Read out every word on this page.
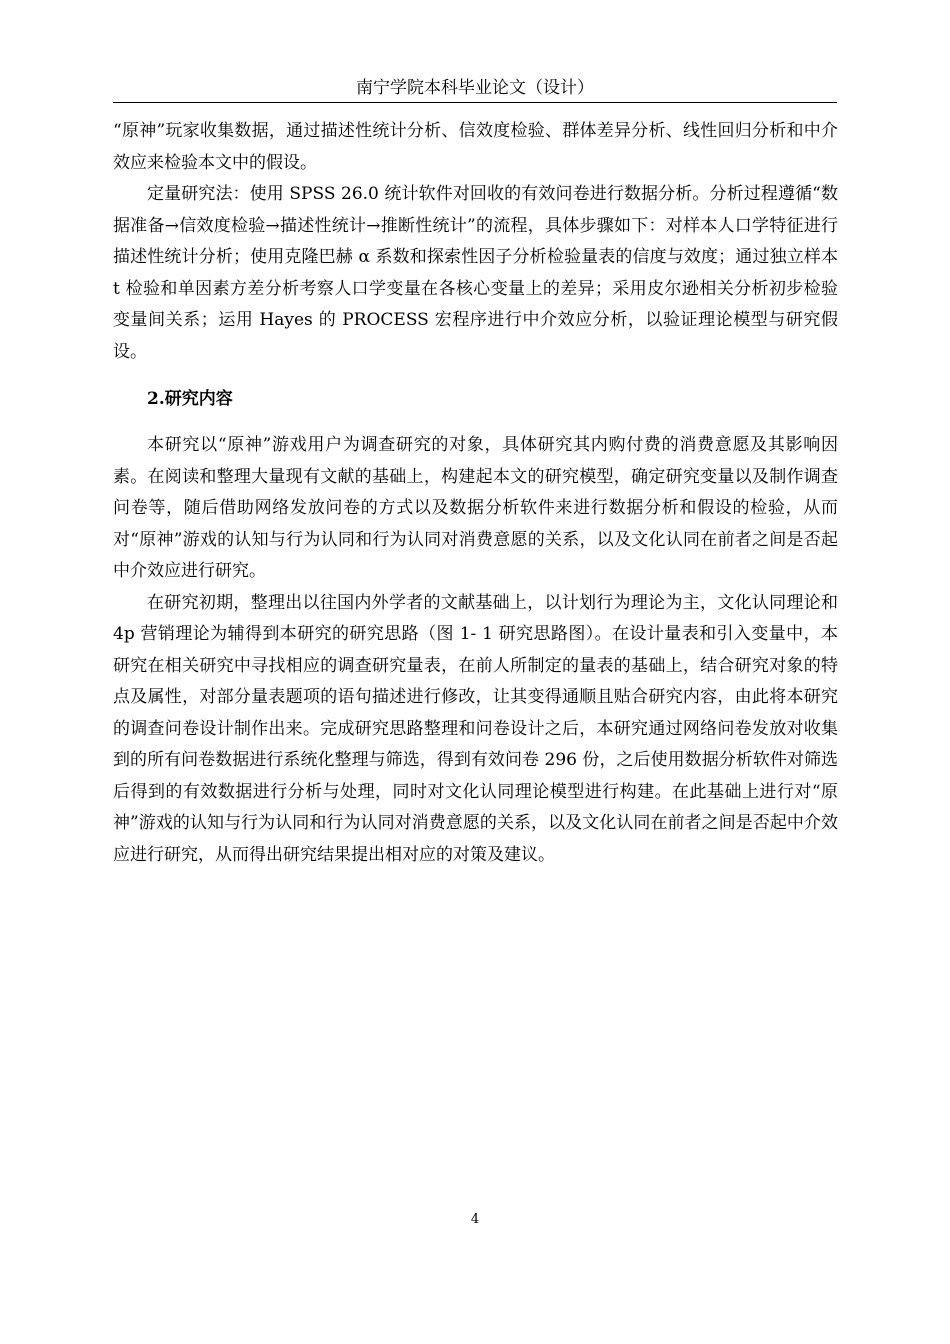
南宁学院本科毕业论文（设计）

“原神”玩家收集数据，通过描述性统计分析、信效度检验、群体差异分析、线性回归分析和中介效应来检验本文中的假设。

定量研究法：使用 SPSS 26.0 统计软件对回收的有效问卷进行数据分析。分析过程遵循“数据准备→信效度检验→描述性统计→推断性统计”的流程，具体步骤如下：对样本人口学特征进行描述性统计分析；使用克隆巴赫 α 系数和探索性因子分析检验量表的信度与效度；通过独立样本 t 检验和单因素方差分析考察人口学变量在各核心变量上的差异；采用皮尔逊相关分析初步检验变量间关系；运用 Hayes 的 PROCESS 宏程序进行中介效应分析，以验证理论模型与研究假设。

2.研究内容

本研究以“原神”游戏用户为调查研究的对象，具体研究其内购付费的消费意愿及其影响因素。在阅读和整理大量现有文献的基础上，构建起本文的研究模型，确定研究变量以及制作调查问卷等，随后借助网络发放问卷的方式以及数据分析软件来进行数据分析和假设的检验，从而对“原神”游戏的认知与行为认同和行为认同对消费意愿的关系，以及文化认同在前者之间是否起中介效应进行研究。

在研究初期，整理出以往国内外学者的文献基础上，以计划行为理论为主，文化认同理论和 4p 营销理论为辅得到本研究的研究思路（图 1- 1 研究思路图）。在设计量表和引入变量中，本研究在相关研究中寻找相应的调查研究量表，在前人所制定的量表的基础上，结合研究对象的特点及属性，对部分量表题项的语句描述进行修改，让其变得通顺且贴合研究内容，由此将本研究的调查问卷设计制作出来。完成研究思路整理和问卷设计之后，本研究通过网络问卷发放对收集到的所有问卷数据进行系统化整理与筛选，得到有效问卷 296 份，之后使用数据分析软件对筛选后得到的有效数据进行分析与处理，同时对文化认同理论模型进行构建。在此基础上进行对“原神”游戏的认知与行为认同和行为认同对消费意愿的关系，以及文化认同在前者之间是否起中介效应进行研究，从而得出研究结果提出相对应的对策及建议。

4
